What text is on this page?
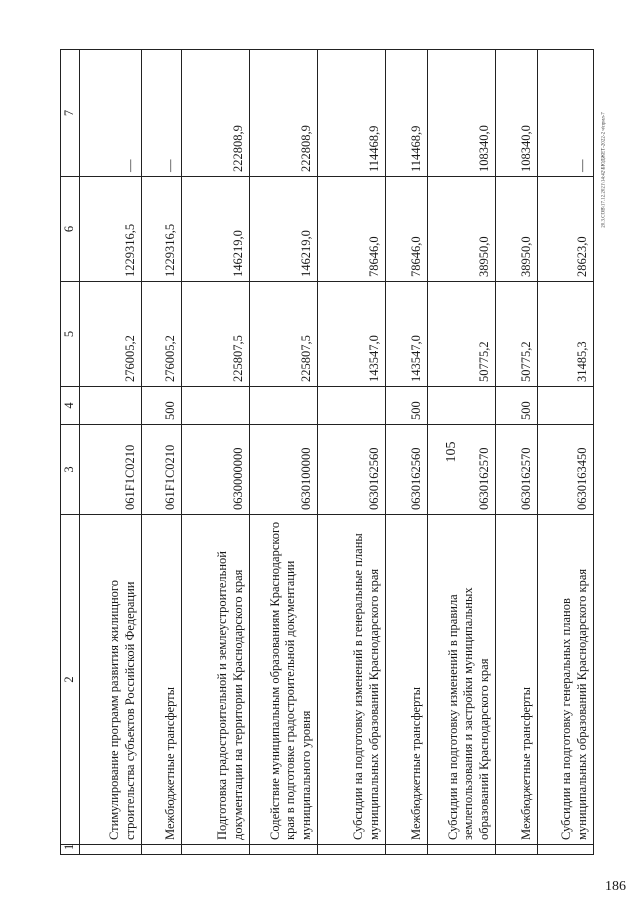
105
186
20.3.СОВ\17.12.2021\14:42\БЮДЖЕТ-2022-2 ч\прил-7
1	2	3	4	5	6	7
	Стимулирование программ развития жилищного строительства субъектов Российской Федерации	061F1C0210		276005,2	1229316,5	—
	Межбюджетные трансферты	061F1C0210	500	276005,2	1229316,5	—
	Подготовка градостроительной и землеустроительной документации на территории Краснодарского края	0630000000		225807,5	146219,0	222808,9
	Содействие муниципальным образованиям Краснодарского края в подготовке градостроительной документации муниципального уровня	0630100000		225807,5	146219,0	222808,9
	Субсидии на подготовку изменений в генеральные планы муниципальных образований Краснодарского края	0630162560		143547,0	78646,0	114468,9
	Межбюджетные трансферты	0630162560	500	143547,0	78646,0	114468,9
	Субсидии на подготовку изменений в правила землепользования и застройки муниципальных образований Краснодарского края	0630162570		50775,2	38950,0	108340,0
	Межбюджетные трансферты	0630162570	500	50775,2	38950,0	108340,0
	Субсидии на подготовку генеральных планов муниципальных образований Краснодарского края	0630163450		31485,3	28623,0	—
